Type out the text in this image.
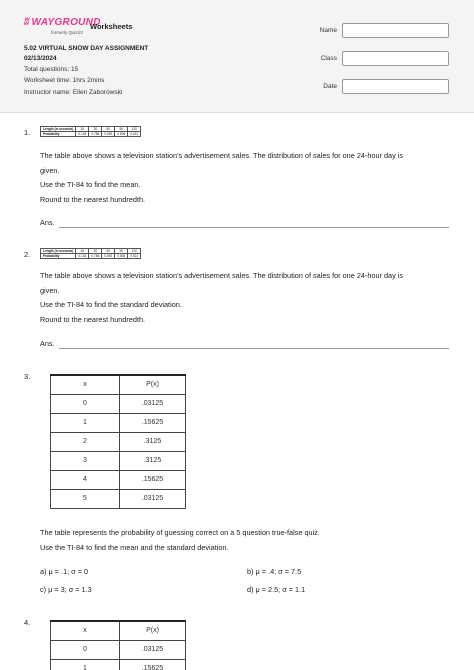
ʬ WAYGROUND
formerly Quizizz
Worksheets
5.02 VIRTUAL SNOW DAY ASSIGNMENT
02/13/2024
Total questions: 15
Worksheet time: 1hrs 2mins
Instructor name: Ellen Zaborowski
Name
Class
Date
1.	Length (in seconds)	15	30	60	90	120
Probability	0.134	0.786	0.053	0.006	0.021
The table above shows a television station's advertisement sales. The distribution of sales for one 24-hour day is
given.
Use the TI-84 to find the mean.
Round to the nearest hundredth.
Ans.
2.	Length (in seconds)	15	30	60	90	120
Probability	0.134	0.786	0.053	0.006	0.021
The table above shows a television station's advertisement sales. The distribution of sales for one 24-hour day is
given.
Use the TI-84 to find the standard deviation.
Round to the nearest hundredth.
Ans.
3.
x	P(x)
0	.03125
1	.15625
2	.3125
3	.3125
4	.15625
5	.03125
The table represents the probability of guessing correct on a 5 question true-false quiz.
Use the TI-84 to find the mean and the standard deviation.
a) μ = .1; σ = 0	b) μ = .4; σ = 7.5
c) μ = 3; σ = 1.3	d) μ = 2.5; σ = 1.1
4.
x	P(x)
0	.03125
1	.15625
